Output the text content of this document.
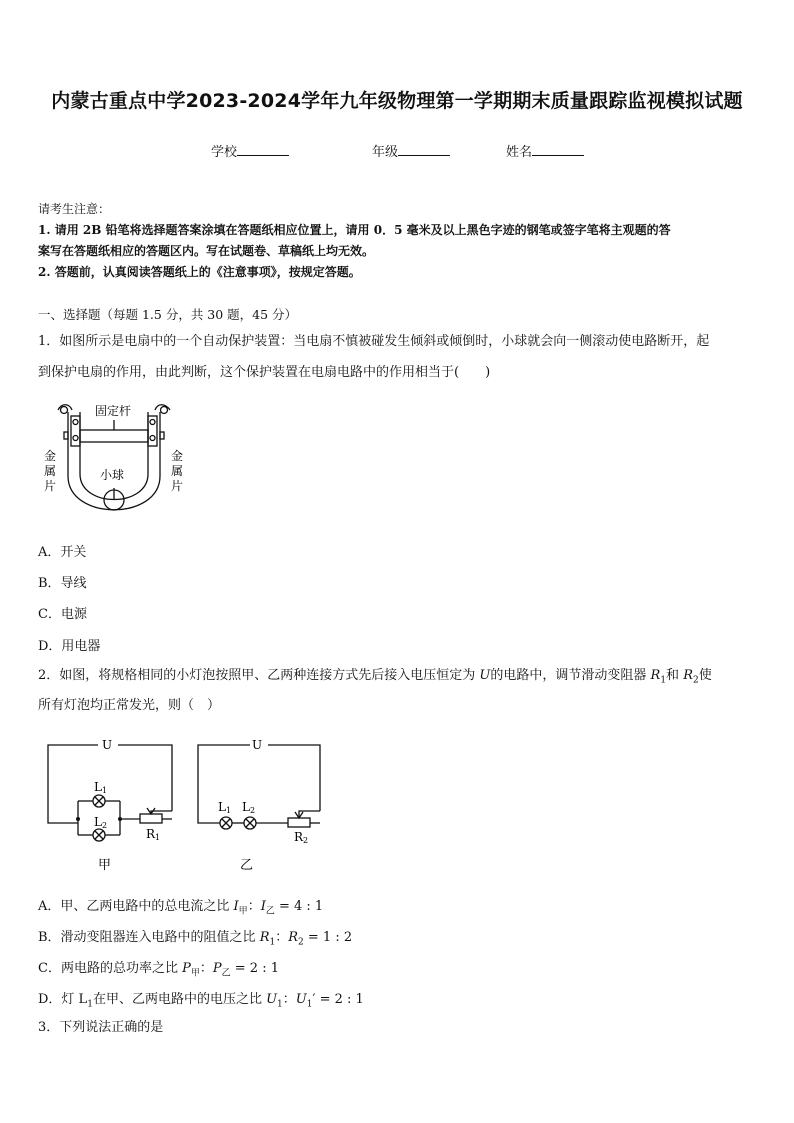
内蒙古重点中学2023-2024学年九年级物理第一学期期末质量跟踪监视模拟试题
学校	年级	姓名
请考生注意：
1. 请用 2B 铅笔将选择题答案涂填在答题纸相应位置上，请用 0．5 毫米及以上黑色字迹的钢笔或签字笔将主观题的答
案写在答题纸相应的答题区内。写在试题卷、草稿纸上均无效。
2. 答题前，认真阅读答题纸上的《注意事项》，按规定答题。
一、选择题（每题 1.5 分，共 30 题，45 分）
1．如图所示是电扇中的一个自动保护装置：当电扇不慎被碰发生倾斜或倾倒时，小球就会向一侧滚动使电路断开，起
到保护电扇的作用，由此判断，这个保护装置在电扇电路中的作用相当于(　　)
固定杆
金
属
片
金
属
片
小球
A．开关
B．导线
C．电源
D．用电器
2．如图，将规格相同的小灯泡按照甲、乙两种连接方式先后接入电压恒定为 U的电路中，调节滑动变阻器 $R_1$和 $R_2$使
所有灯泡均正常发光，则（　）
U
L1
L2
R1
甲
U
L1 L2
R2
乙
A．甲、乙两电路中的总电流之比 $I_甲$：$I_乙 = 4$ : 1
B．滑动变阻器连入电路中的阻值之比 $R_1$：$R_2 = 1$ : 2
C．两电路的总功率之比 $P_甲$：$P_乙 = 2$ : 1
D．灯 $L_1$在甲、乙两电路中的电压之比 $U_1$：$U_1' = 2$ : 1
3．下列说法正确的是
